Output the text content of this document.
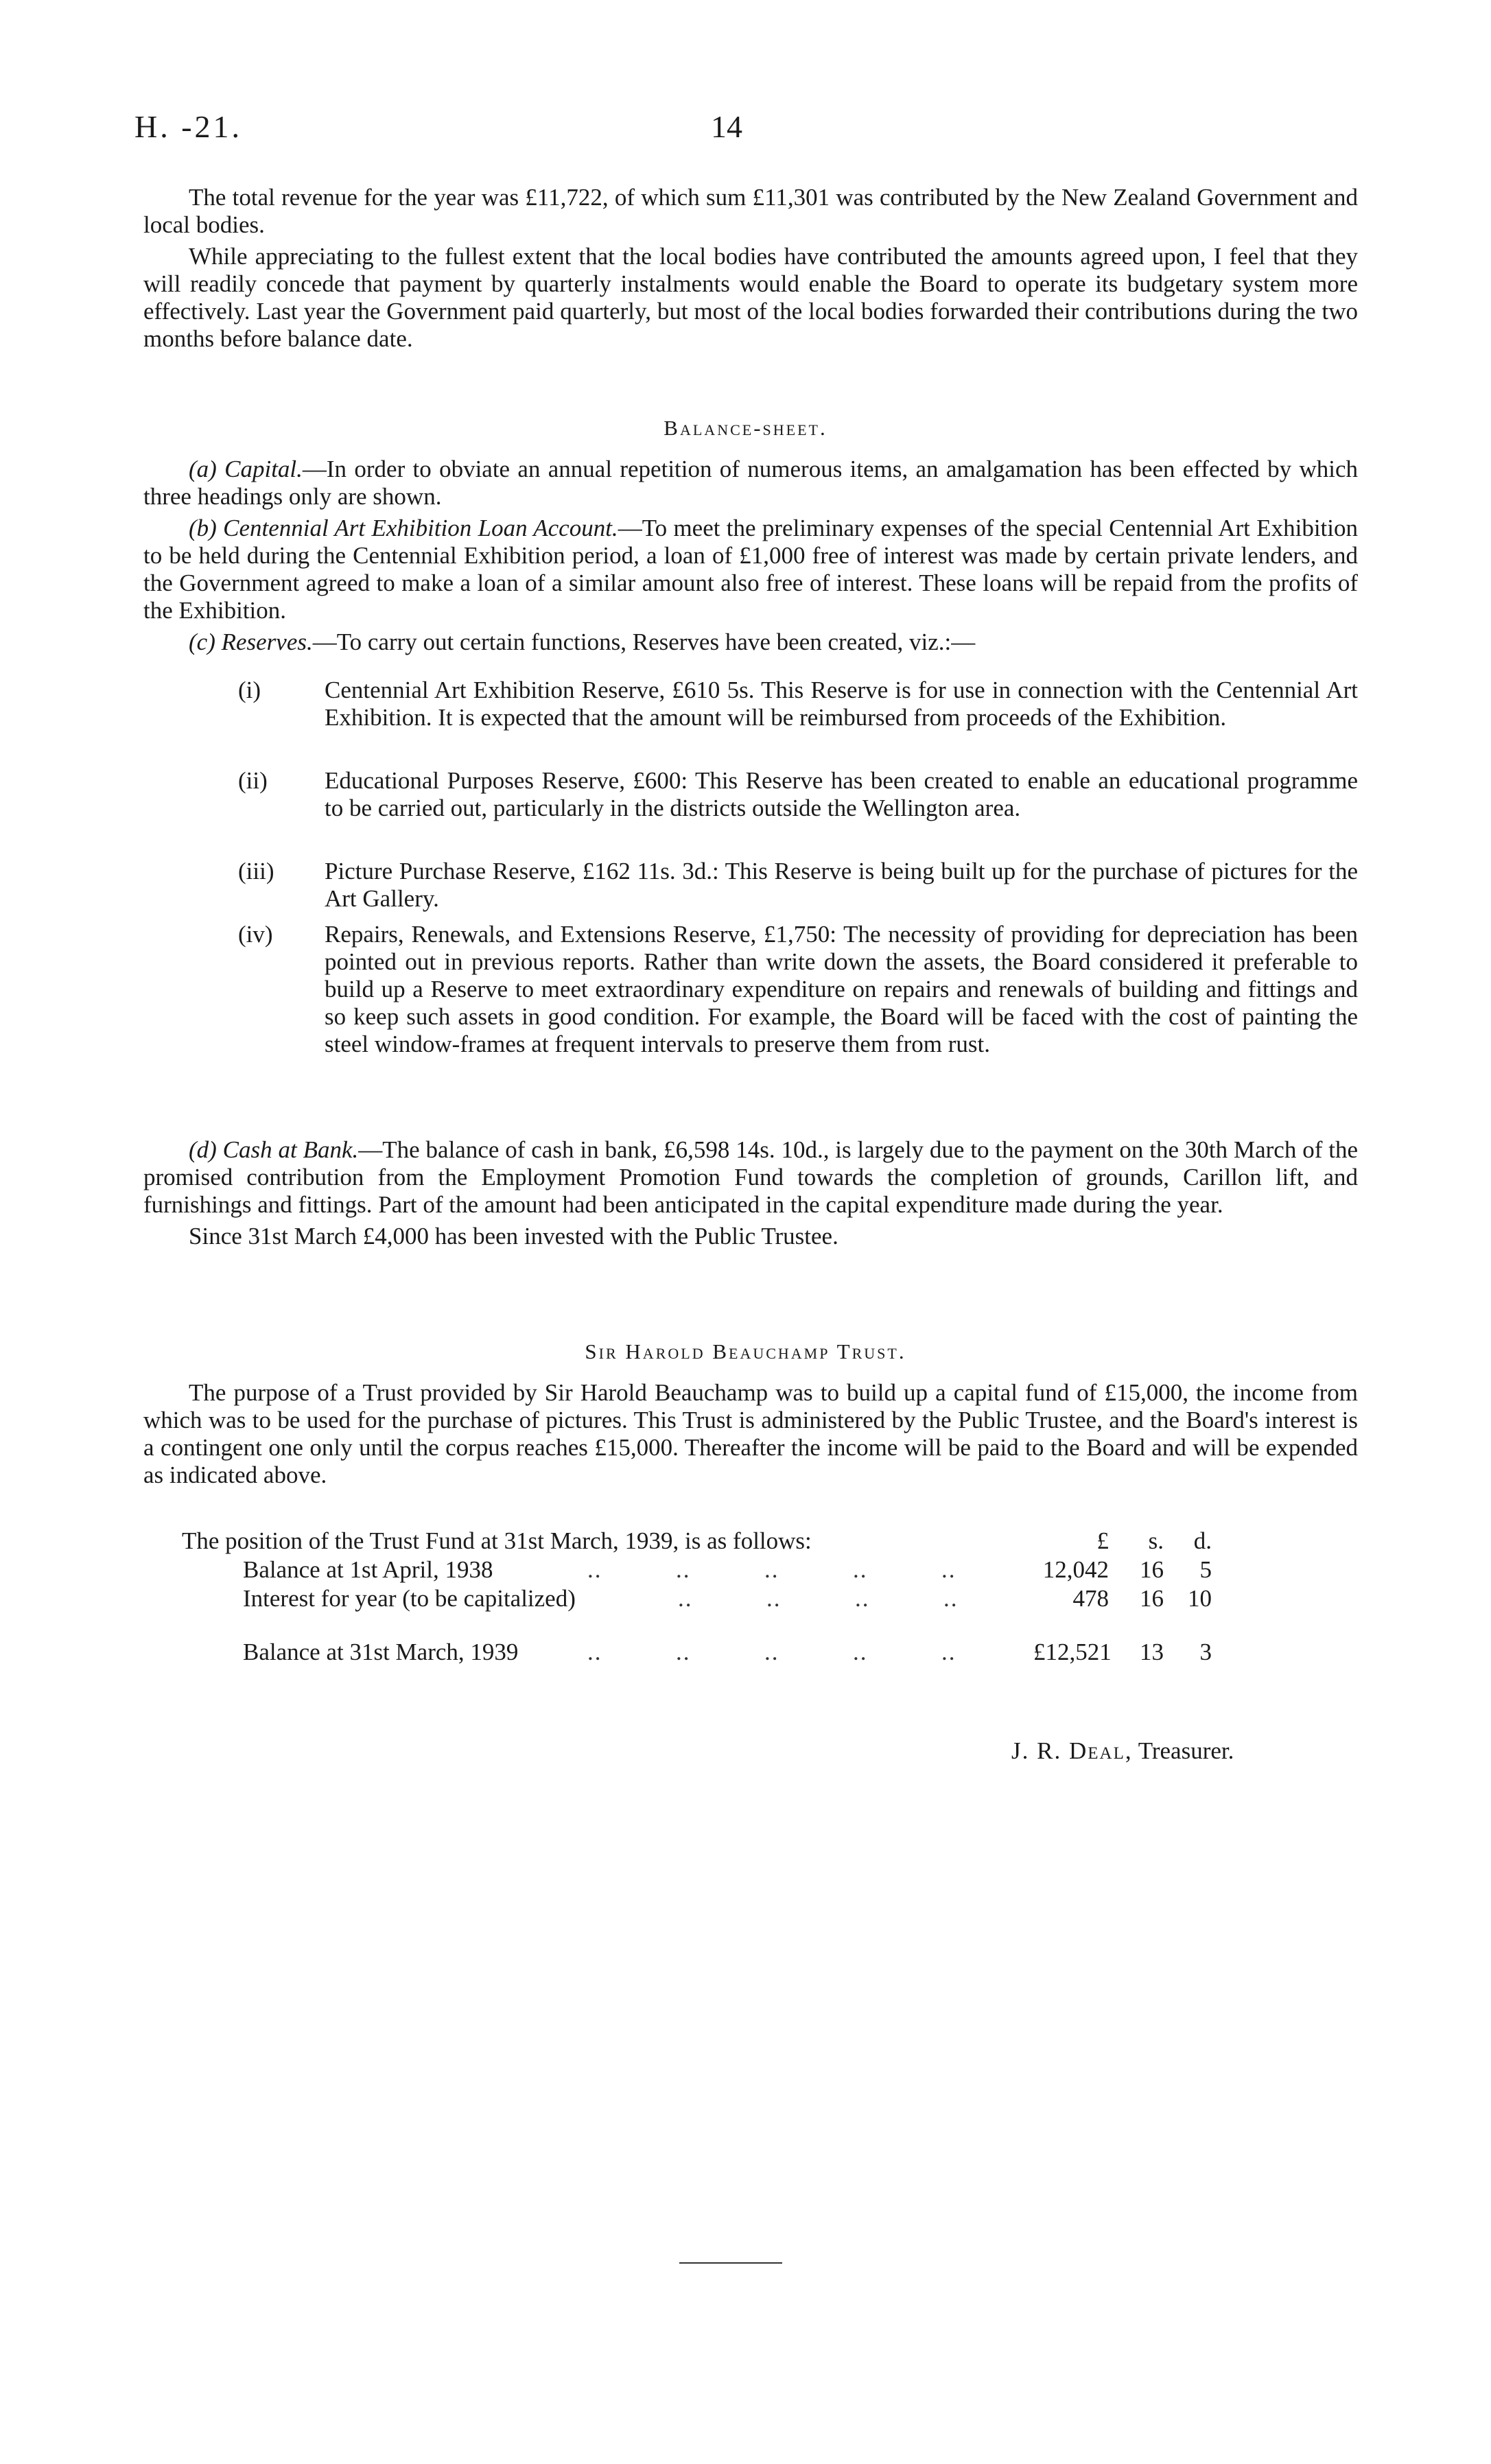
H. -21.	14

The total revenue for the year was £11,722, of which sum £11,301 was contributed by the New Zealand Government and local bodies.

While appreciating to the fullest extent that the local bodies have contributed the amounts agreed upon, I feel that they will readily concede that payment by quarterly instalments would enable the Board to operate its budgetary system more effectively. Last year the Government paid quarterly, but most of the local bodies forwarded their contributions during the two months before balance date.

Balance-sheet.

(a) Capital.—In order to obviate an annual repetition of numerous items, an amalgamation has been effected by which three headings only are shown.

(b) Centennial Art Exhibition Loan Account.—To meet the preliminary expenses of the special Centennial Art Exhibition to be held during the Centennial Exhibition period, a loan of £1,000 free of interest was made by certain private lenders, and the Government agreed to make a loan of a similar amount also free of interest. These loans will be repaid from the profits of the Exhibition.

(c) Reserves.—To carry out certain functions, Reserves have been created, viz.:—

(i)	Centennial Art Exhibition Reserve, £610 5s. This Reserve is for use in connection with the Centennial Art Exhibition. It is expected that the amount will be reimbursed from proceeds of the Exhibition.
(ii) Educational Purposes Reserve, £600: This Reserve has been created to enable an educational programme to be carried out, particularly in the districts outside the Wellington area.
(iii) Picture Purchase Reserve, £162 11s. 3d.: This Reserve is being built up for the purchase of pictures for the Art Gallery.
(iv) Repairs, Renewals, and Extensions Reserve, £1,750: The necessity of providing for depreciation has been pointed out in previous reports. Rather than write down the assets, the Board considered it preferable to build up a Reserve to meet extraordinary expenditure on repairs and renewals of building and fittings and so keep such assets in good condition. For example, the Board will be faced with the cost of painting the steel window-frames at frequent intervals to preserve them from rust.

(d) Cash at Bank.—The balance of cash in bank, £6,598 14s. 10d., is largely due to the payment on the 30th March of the promised contribution from the Employment Promotion Fund towards the completion of grounds, Carillon lift, and furnishings and fittings. Part of the amount had been anticipated in the capital expenditure made during the year.

Since 31st March £4,000 has been invested with the Public Trustee.

Sir Harold Beauchamp Trust.

The purpose of a Trust provided by Sir Harold Beauchamp was to build up a capital fund of £15,000, the income from which was to be used for the purchase of pictures. This Trust is administered by the Public Trustee, and the Board's interest is a contingent one only until the corpus reaches £15,000. Thereafter the income will be paid to the Board and will be expended as indicated above.

The position of the Trust Fund at 31st March, 1939, is as follows:	£	s.	d.
Balance at 1st April, 1938	..          ..          ..          ..          ..	12,042	16	5
Interest for year (to be capitalized)	..          ..          ..          ..	478	16	10
Balance at 31st March, 1939	..          ..          ..          ..          ..	£12,521	13	3
J. R. Deal, Treasurer.
